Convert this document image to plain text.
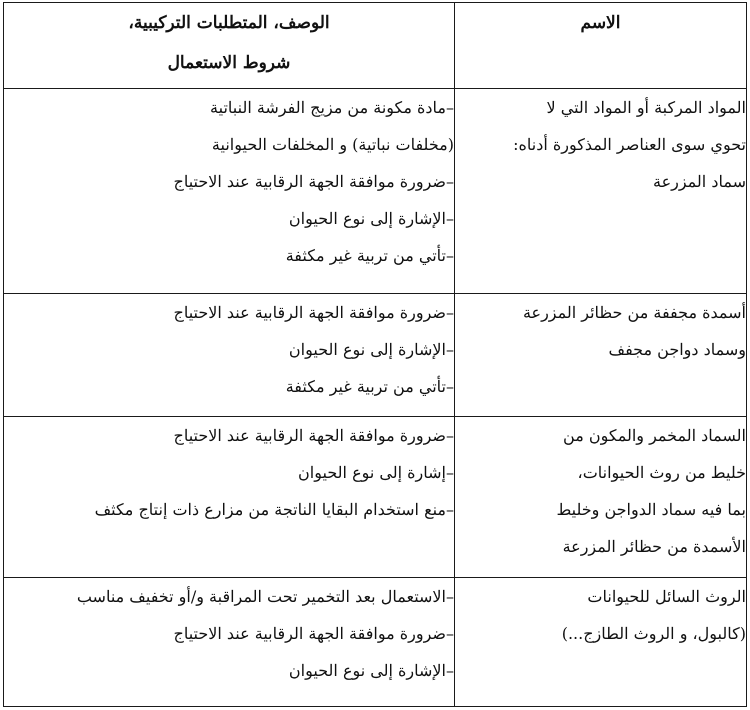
الاسم	الوصف، المتطلبات التركيبية،
شروط الاستعمال

المواد المركبة أو المواد التي لا
تحوي سوى العناصر المذكورة أدناه:
سماد المزرعة	–مادة مكونة من مزيج الفرشة النباتية
(مخلفات نباتية) و المخلفات الحيوانية
–ضرورة موافقة الجهة الرقابية عند الاحتياج
–الإشارة إلى نوع الحيوان
–تأتي من تربية غير مكثفة

أسمدة مجففة من حظائر المزرعة
وسماد دواجن مجفف	–ضرورة موافقة الجهة الرقابية عند الاحتياج
–الإشارة إلى نوع الحيوان
–تأتي من تربية غير مكثفة

السماد المخمر والمكون من
خليط من روث الحيوانات،
بما فيه سماد الدواجن وخليط
الأسمدة من حظائر المزرعة	–ضرورة موافقة الجهة الرقابية عند الاحتياج
–إشارة إلى نوع الحيوان
–منع استخدام البقايا الناتجة من مزارع ذات إنتاج مكثف

الروث السائل للحيوانات
(كالبول، و الروث الطازج...)	–الاستعمال بعد التخمير تحت المراقبة و/أو تخفيف مناسب
–ضرورة موافقة الجهة الرقابية عند الاحتياج
–الإشارة إلى نوع الحيوان
